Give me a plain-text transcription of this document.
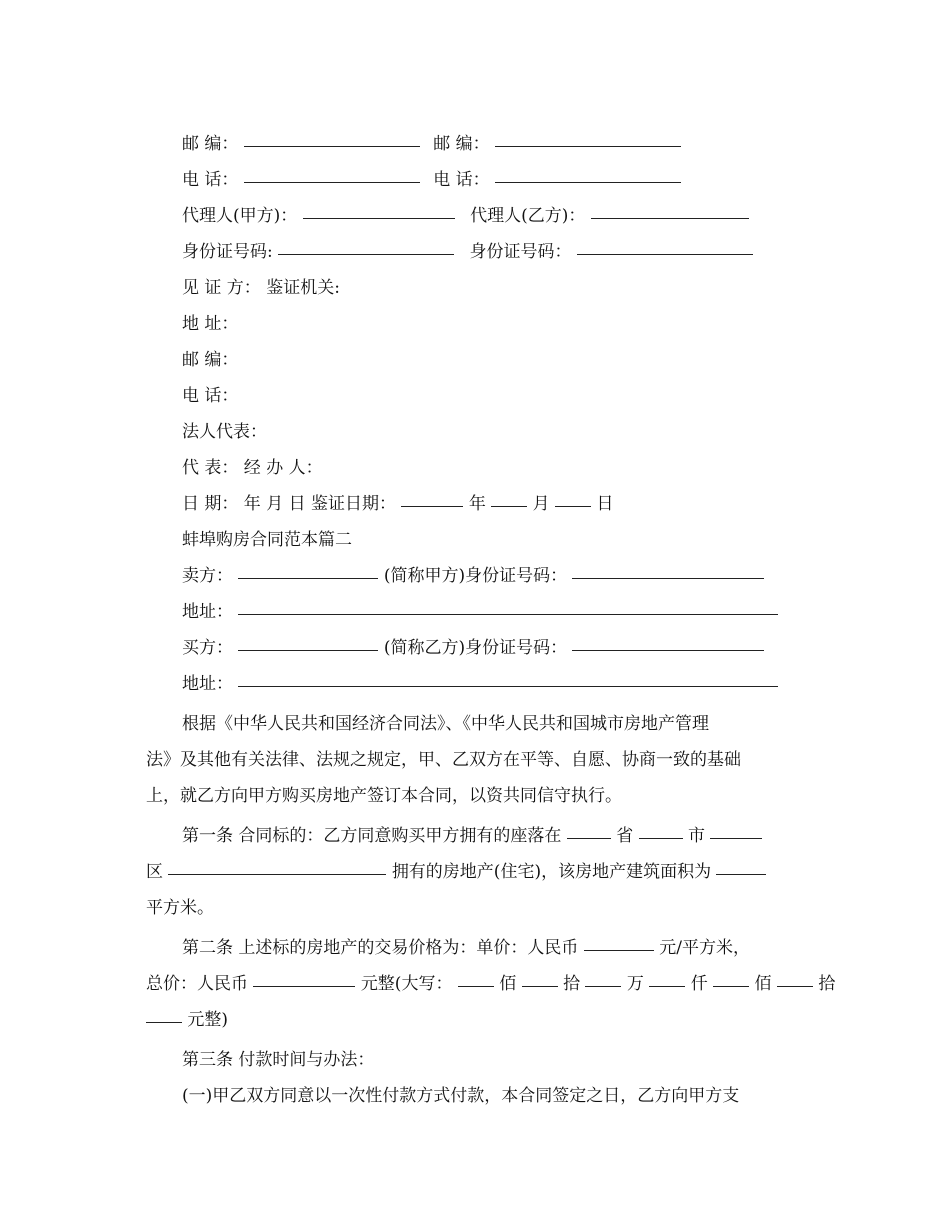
邮 编：	邮 编：
电 话：	电 话：
代理人(甲方)：	代理人(乙方)：
身份证号码:	身份证号码：
见 证 方： 鉴证机关:
地 址：
邮 编：
电 话：
法人代表：
代 表： 经 办 人：
日 期： 年 月 日 鉴证日期：	年	月	日
蚌埠购房合同范本篇二
卖方：	(简称甲方)身份证号码：
地址：
买方：	(简称乙方)身份证号码：
地址：
根据《中华人民共和国经济合同法》、《中华人民共和国城市房地产管理
法》及其他有关法律、法规之规定，甲、乙双方在平等、自愿、协商一致的基础
上，就乙方向甲方购买房地产签订本合同，以资共同信守执行。
第一条 合同标的：乙方同意购买甲方拥有的座落在	省	市
区	拥有的房地产(住宅)，该房地产建筑面积为
平方米。
第二条 上述标的房地产的交易价格为：单价：人民币	元/平方米，
总价：人民币	元整(大写：	佰	拾	万	仟	佰	拾
元整)
第三条 付款时间与办法：
(一)甲乙双方同意以一次性付款方式付款，本合同签定之日，乙方向甲方支
